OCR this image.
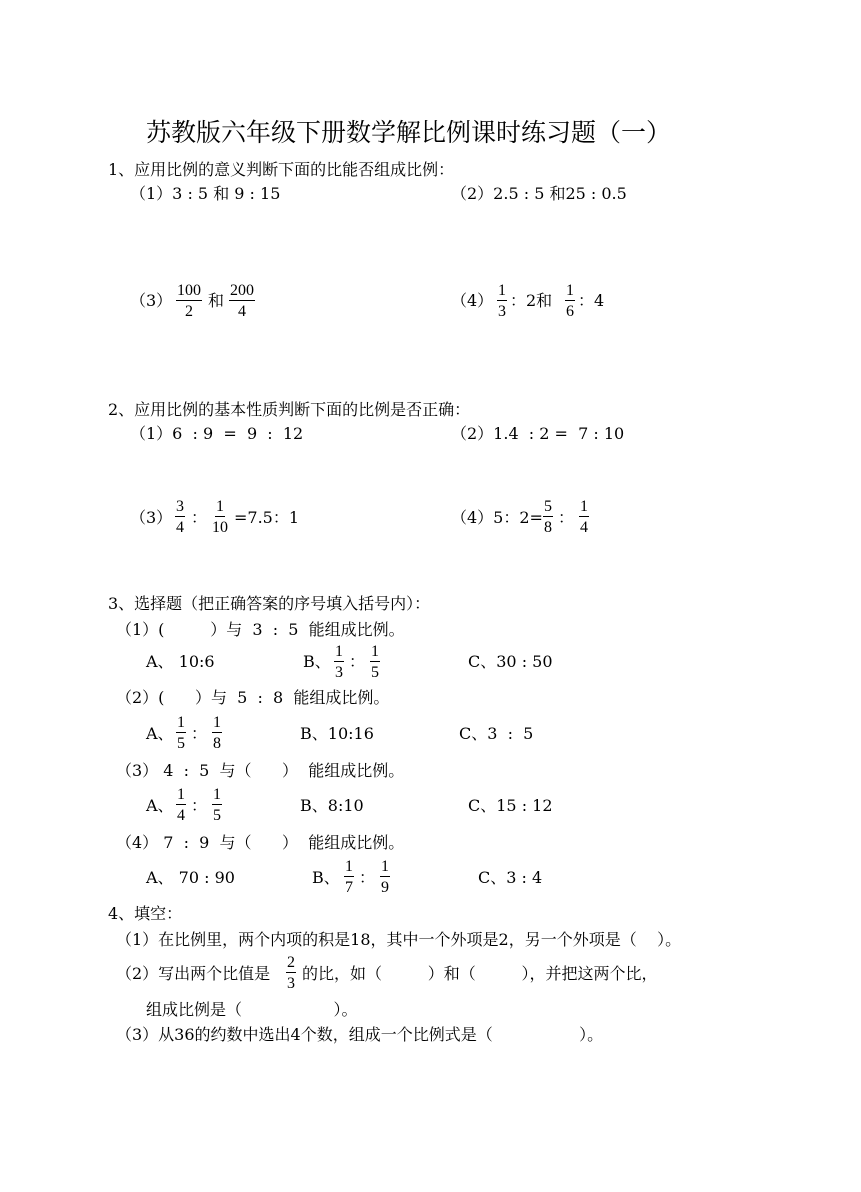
苏教版六年级下册数学解比例课时练习题（一）
1、应用比例的意义判断下面的比能否组成比例：
（1）3 : 5 和 9 : 15	（2）2.5 : 5 和25 : 0.5
$(3) \frac{100}{2}$ 和 $\frac{200}{4}$	$(4) \frac{1}{3}$ ：2和 $\frac{1}{6}$ ：4
2、应用比例的基本性质判断下面的比例是否正确：
（1）6  : 9  =  9  :  12	（2）1.4  : 2 =  7 : 10
$(3) \frac{3}{4}$ ： $\frac{1}{10} =7.5$：1	（4）5：$2= \frac{5}{8}$ ： $\frac{1}{4}$
3、选择题（把正确答案的序号填入括号内）：
（1）(         ）与  3  :  5  能组成比例。
A、 10:6	B、 $\frac{1}{3}$ ： $\frac{1}{5}$	C、30 : 50
（2）(      ）与  5  :  8  能组成比例。
A、 $\frac{1}{5}$ ： $\frac{1}{8}$	B、10:16	C、3  :  5
（3） 4  :  5  与（      ）  能组成比例。
A、 $\frac{1}{4}$ ： $\frac{1}{5}$	B、8:10	C、15 : 12
（4） 7  :  9  与（      ）  能组成比例。
A、 70 : 90	B、 $\frac{1}{7}$ ： $\frac{1}{9}$	C、3 : 4
4、填空：
（1）在比例里，两个内项的积是18，其中一个外项是2，另一个外项是（    ）。
（2）写出两个比值是 $\frac{2}{3}$ 的比，如（         ）和（         ），并把这两个比，
组成比例是（                  ）。
（3）从36的约数中选出4个数，组成一个比例式是（                 ）。
